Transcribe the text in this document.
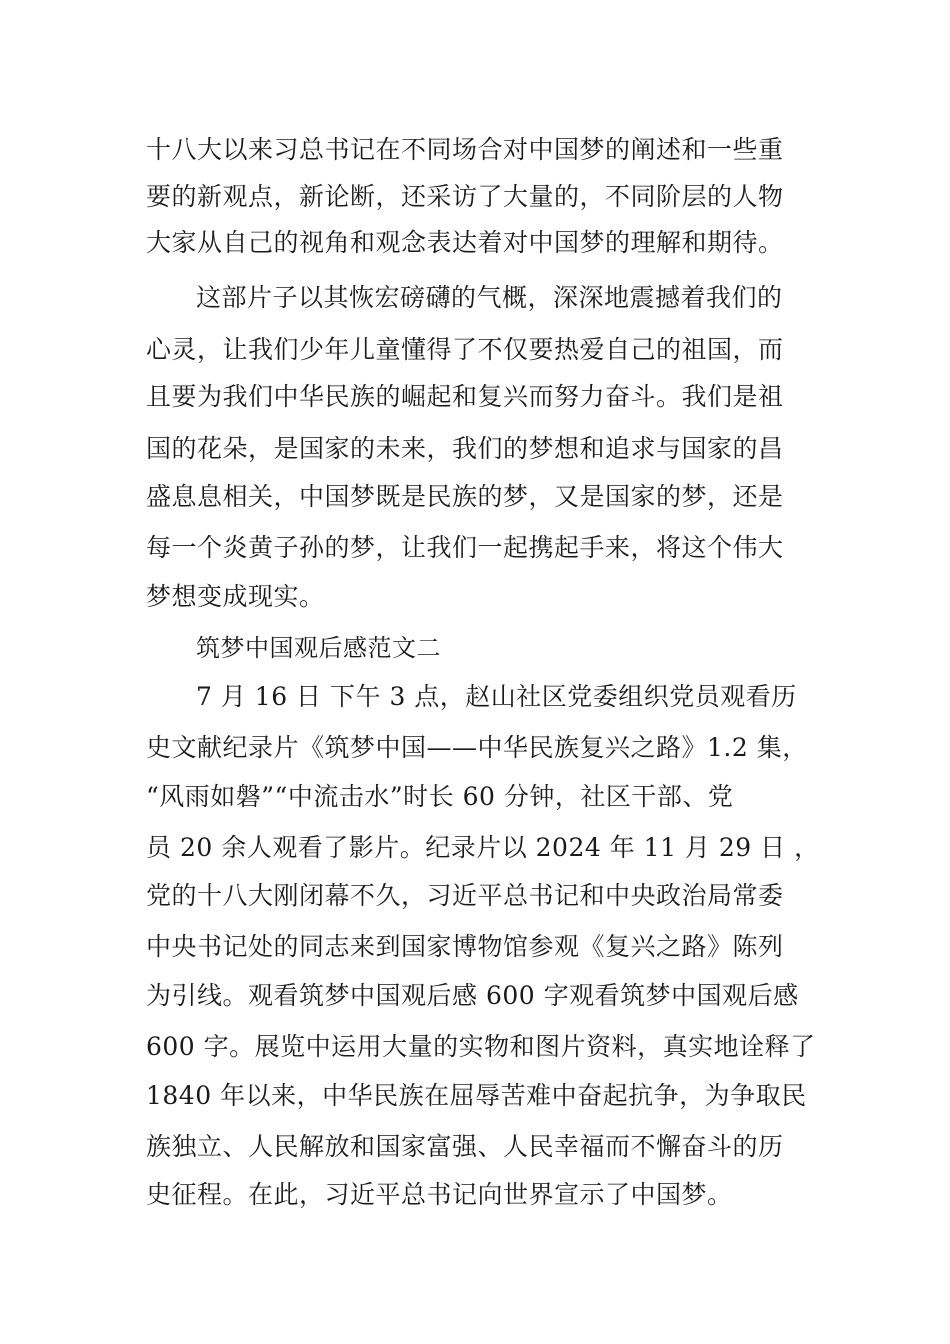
十八大以来习总书记在不同场合对中国梦的阐述和一些重
要的新观点，新论断，还采访了大量的，不同阶层的人物
大家从自己的视角和观念表达着对中国梦的理解和期待。
这部片子以其恢宏磅礴的气概，深深地震撼着我们的
心灵，让我们少年儿童懂得了不仅要热爱自己的祖国，而
且要为我们中华民族的崛起和复兴而努力奋斗。我们是祖
国的花朵，是国家的未来，我们的梦想和追求与国家的昌
盛息息相关，中国梦既是民族的梦，又是国家的梦，还是
每一个炎黄子孙的梦，让我们一起携起手来，将这个伟大
梦想变成现实。
筑梦中国观后感范文二
7 月 16 日 下午 3 点，赵山社区党委组织党员观看历
史文献纪录片《筑梦中国——中华民族复兴之路》1.2 集，
“风雨如磐”“中流击水”时长 60 分钟，社区干部、党
员 20 余人观看了影片。纪录片以 2024 年 11 月 29 日 ，
党的十八大刚闭幕不久，习近平总书记和中央政治局常委
中央书记处的同志来到国家博物馆参观《复兴之路》陈列
为引线。观看筑梦中国观后感 600 字观看筑梦中国观后感
600 字。展览中运用大量的实物和图片资料，真实地诠释了
1840 年以来，中华民族在屈辱苦难中奋起抗争，为争取民
族独立、人民解放和国家富强、人民幸福而不懈奋斗的历
史征程。在此，习近平总书记向世界宣示了中国梦。
